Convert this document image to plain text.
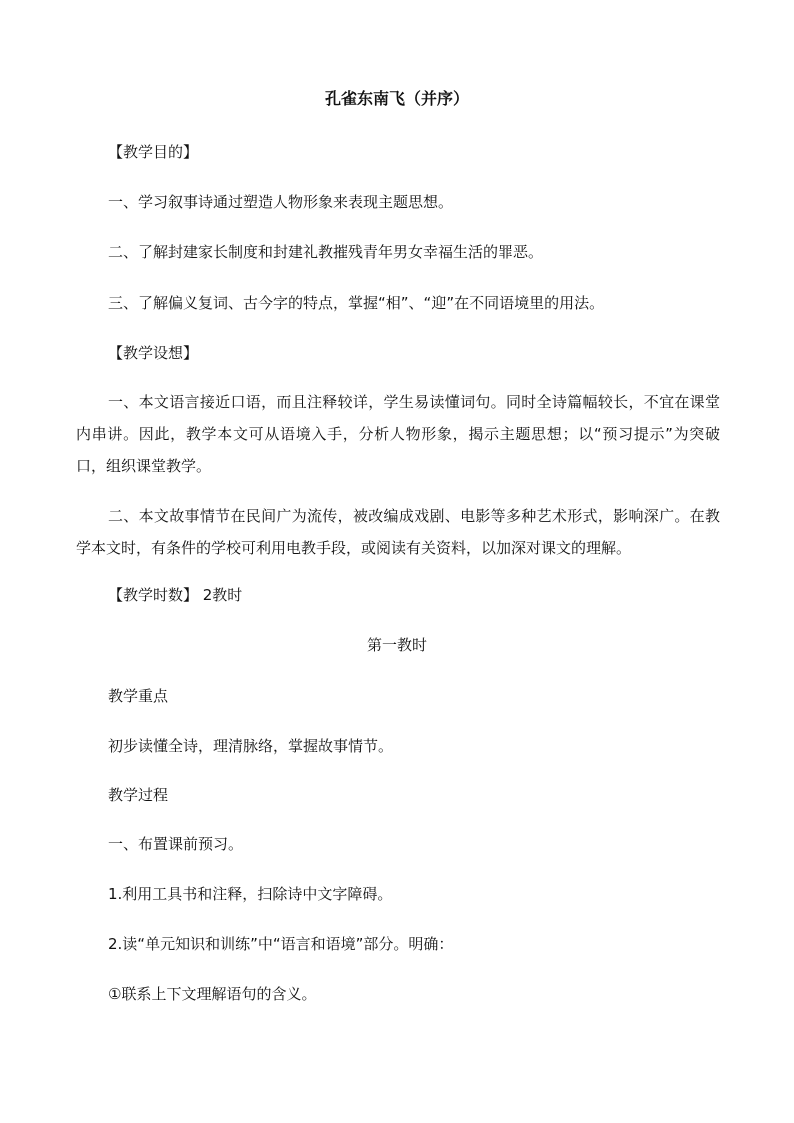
孔雀东南飞（并序）
【教学目的】
一、学习叙事诗通过塑造人物形象来表现主题思想。
二、了解封建家长制度和封建礼教摧残青年男女幸福生活的罪恶。
三、了解偏义复词、古今字的特点，掌握“相”、“迎”在不同语境里的用法。
【教学设想】
一、本文语言接近口语，而且注释较详，学生易读懂词句。同时全诗篇幅较长，不宜在课堂内串讲。因此，教学本文可从语境入手，分析人物形象，揭示主题思想；以“预习提示”为突破口，组织课堂教学。
二、本文故事情节在民间广为流传，被改编成戏剧、电影等多种艺术形式，影响深广。在教学本文时，有条件的学校可利用电教手段，或阅读有关资料，以加深对课文的理解。
【教学时数】 2教时
第一教时
教学重点
初步读懂全诗，理清脉络，掌握故事情节。
教学过程
一、布置课前预习。
1.利用工具书和注释，扫除诗中文字障碍。
2.读“单元知识和训练”中“语言和语境”部分。明确：
①联系上下文理解语句的含义。
